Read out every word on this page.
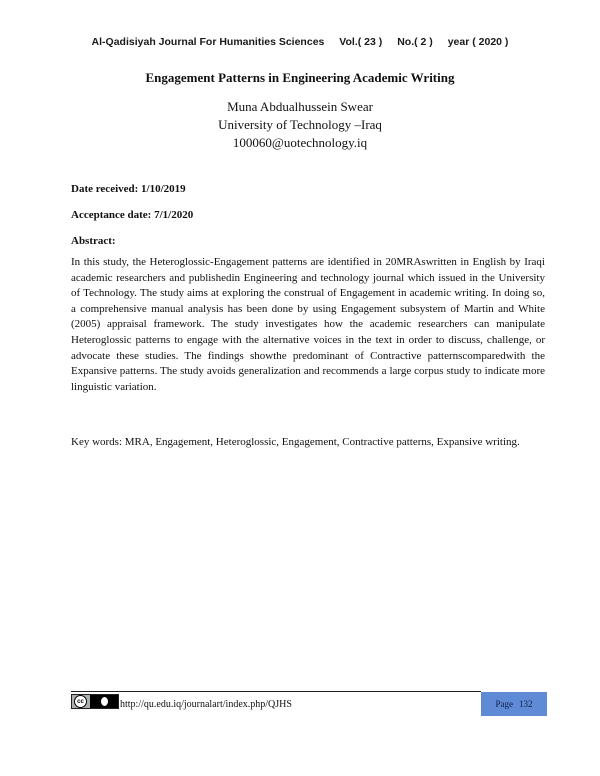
Al-Qadisiyah Journal For Humanities Sciences Vol.( 23 ) No.( 2 ) year ( 2020 )
Engagement Patterns in Engineering Academic Writing
Muna Abdualhussein Swear
University of Technology –Iraq
100060@uotechnology.iq
Date received: 1/10/2019
Acceptance date: 7/1/2020
Abstract:
In this study, the Heteroglossic-Engagement patterns are identified in 20MRAswritten in English by Iraqi academic researchers and publishedin Engineering and technology journal which issued in the University of Technology. The study aims at exploring the construal of Engagement in academic writing. In doing so, a comprehensive manual analysis has been done by using Engagement subsystem of Martin and White (2005) appraisal framework. The study investigates how the academic researchers can manipulate Heteroglossic patterns to engage with the alternative voices in the text in order to discuss, challenge, or advocate these studies. The findings showthe predominant of Contractive patternscomparedwith the Expansive patterns. The study avoids generalization and recommends a large corpus study to indicate more linguistic variation.
Key words: MRA, Engagement, Heteroglossic, Engagement, Contractive patterns, Expansive writing.
cc	http://qu.edu.iq/journalart/index.php/QJHS	Page 132
